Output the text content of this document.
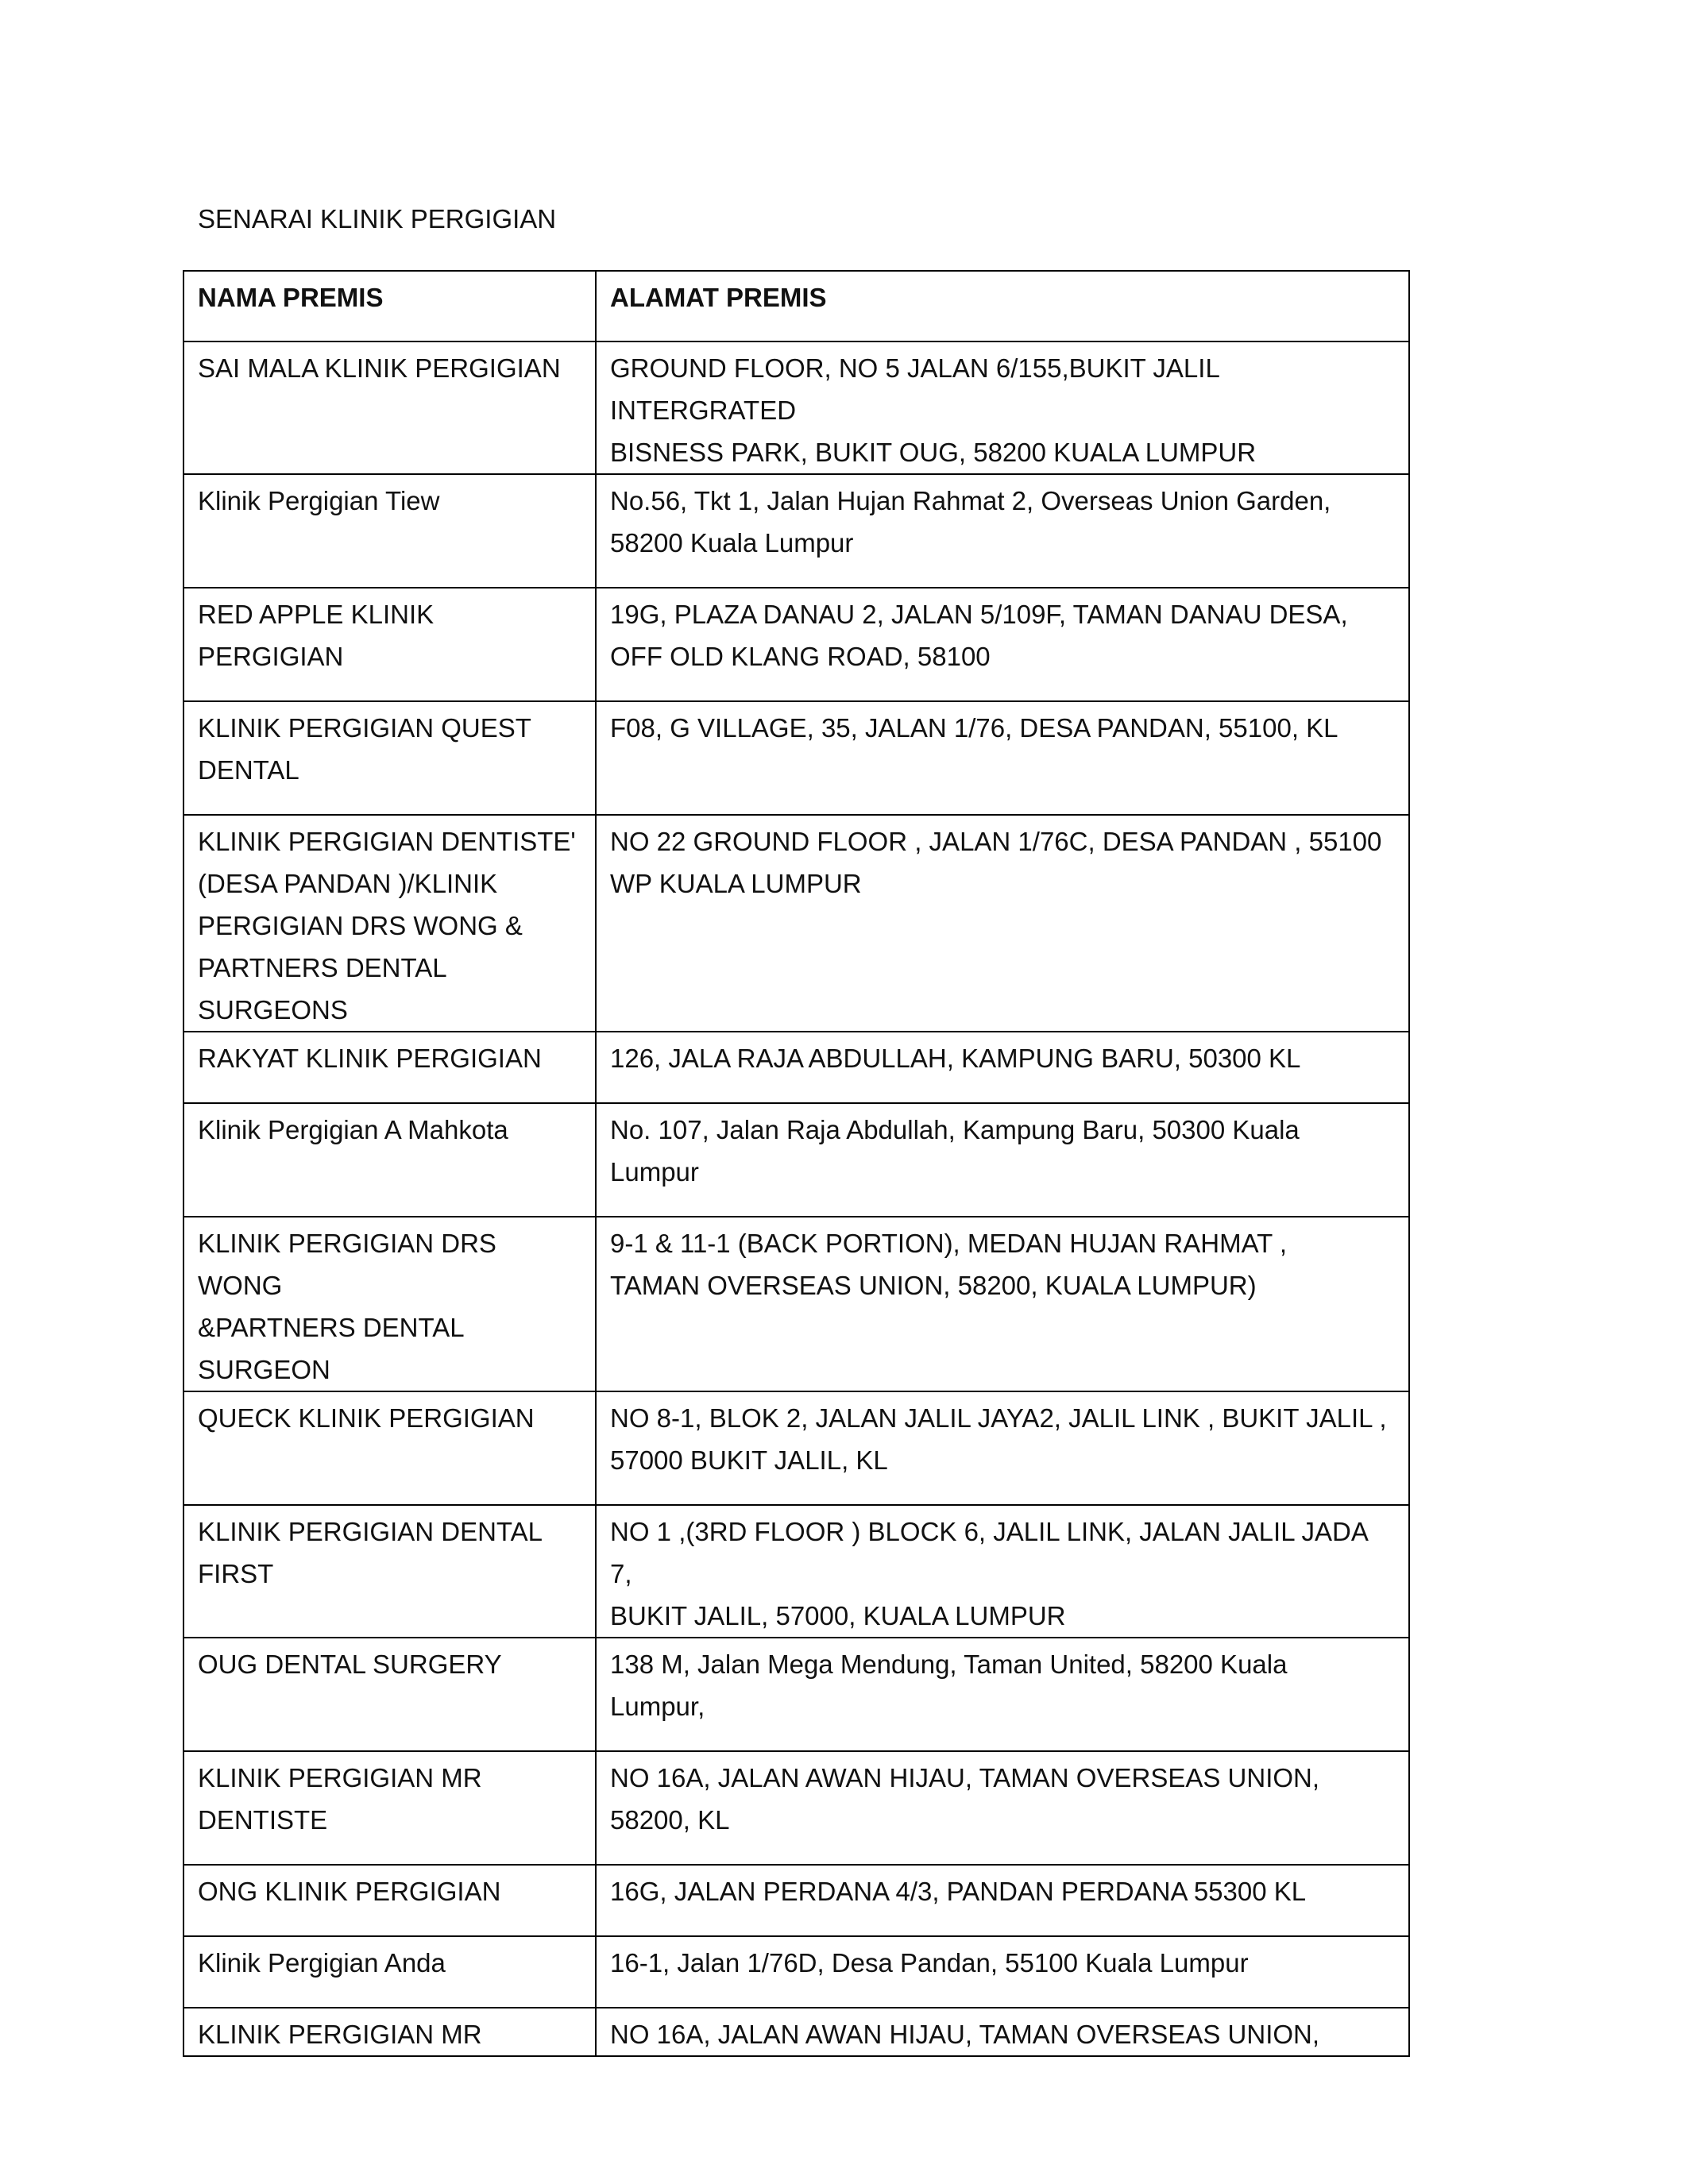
SENARAI KLINIK PERGIGIAN
NAMA PREMIS	ALAMAT PREMIS

SAI MALA KLINIK PERGIGIAN	GROUND FLOOR, NO 5 JALAN 6/155,BUKIT JALIL INTERGRATED
BISNESS PARK, BUKIT OUG, 58200 KUALA LUMPUR

Klinik Pergigian Tiew	No.56, Tkt 1, Jalan Hujan Rahmat 2, Overseas Union Garden,
58200 Kuala Lumpur

RED APPLE KLINIK PERGIGIAN	19G, PLAZA DANAU 2, JALAN 5/109F, TAMAN DANAU DESA,
OFF OLD KLANG ROAD, 58100

KLINIK PERGIGIAN QUEST
DENTAL	F08, G VILLAGE, 35, JALAN 1/76, DESA PANDAN, 55100, KL

KLINIK PERGIGIAN DENTISTE'
(DESA PANDAN )/KLINIK
PERGIGIAN DRS WONG &
PARTNERS DENTAL SURGEONS	NO 22 GROUND FLOOR , JALAN 1/76C, DESA PANDAN , 55100
WP KUALA LUMPUR

RAKYAT KLINIK PERGIGIAN	126, JALA RAJA ABDULLAH, KAMPUNG BARU, 50300 KL

Klinik Pergigian A Mahkota	No. 107, Jalan Raja Abdullah, Kampung Baru, 50300 Kuala
Lumpur

KLINIK PERGIGIAN DRS WONG
&PARTNERS DENTAL
SURGEON	9-1 & 11-1 (BACK PORTION), MEDAN HUJAN RAHMAT ,
TAMAN OVERSEAS UNION, 58200, KUALA LUMPUR)

QUECK KLINIK PERGIGIAN	NO 8-1, BLOK 2, JALAN JALIL JAYA2, JALIL LINK , BUKIT JALIL ,
57000 BUKIT JALIL, KL

KLINIK PERGIGIAN DENTAL
FIRST	NO 1 ,(3RD FLOOR ) BLOCK 6, JALIL LINK, JALAN JALIL JADA 7,
BUKIT JALIL, 57000, KUALA LUMPUR

OUG DENTAL SURGERY	138 M, Jalan Mega Mendung, Taman United, 58200 Kuala
Lumpur,

KLINIK PERGIGIAN MR
DENTISTE	NO 16A, JALAN AWAN HIJAU, TAMAN OVERSEAS UNION,
58200, KL

ONG KLINIK PERGIGIAN	16G, JALAN PERDANA 4/3, PANDAN PERDANA 55300 KL

Klinik Pergigian Anda	16-1, Jalan 1/76D, Desa Pandan, 55100 Kuala Lumpur

KLINIK PERGIGIAN MR	NO 16A, JALAN AWAN HIJAU, TAMAN OVERSEAS UNION,
